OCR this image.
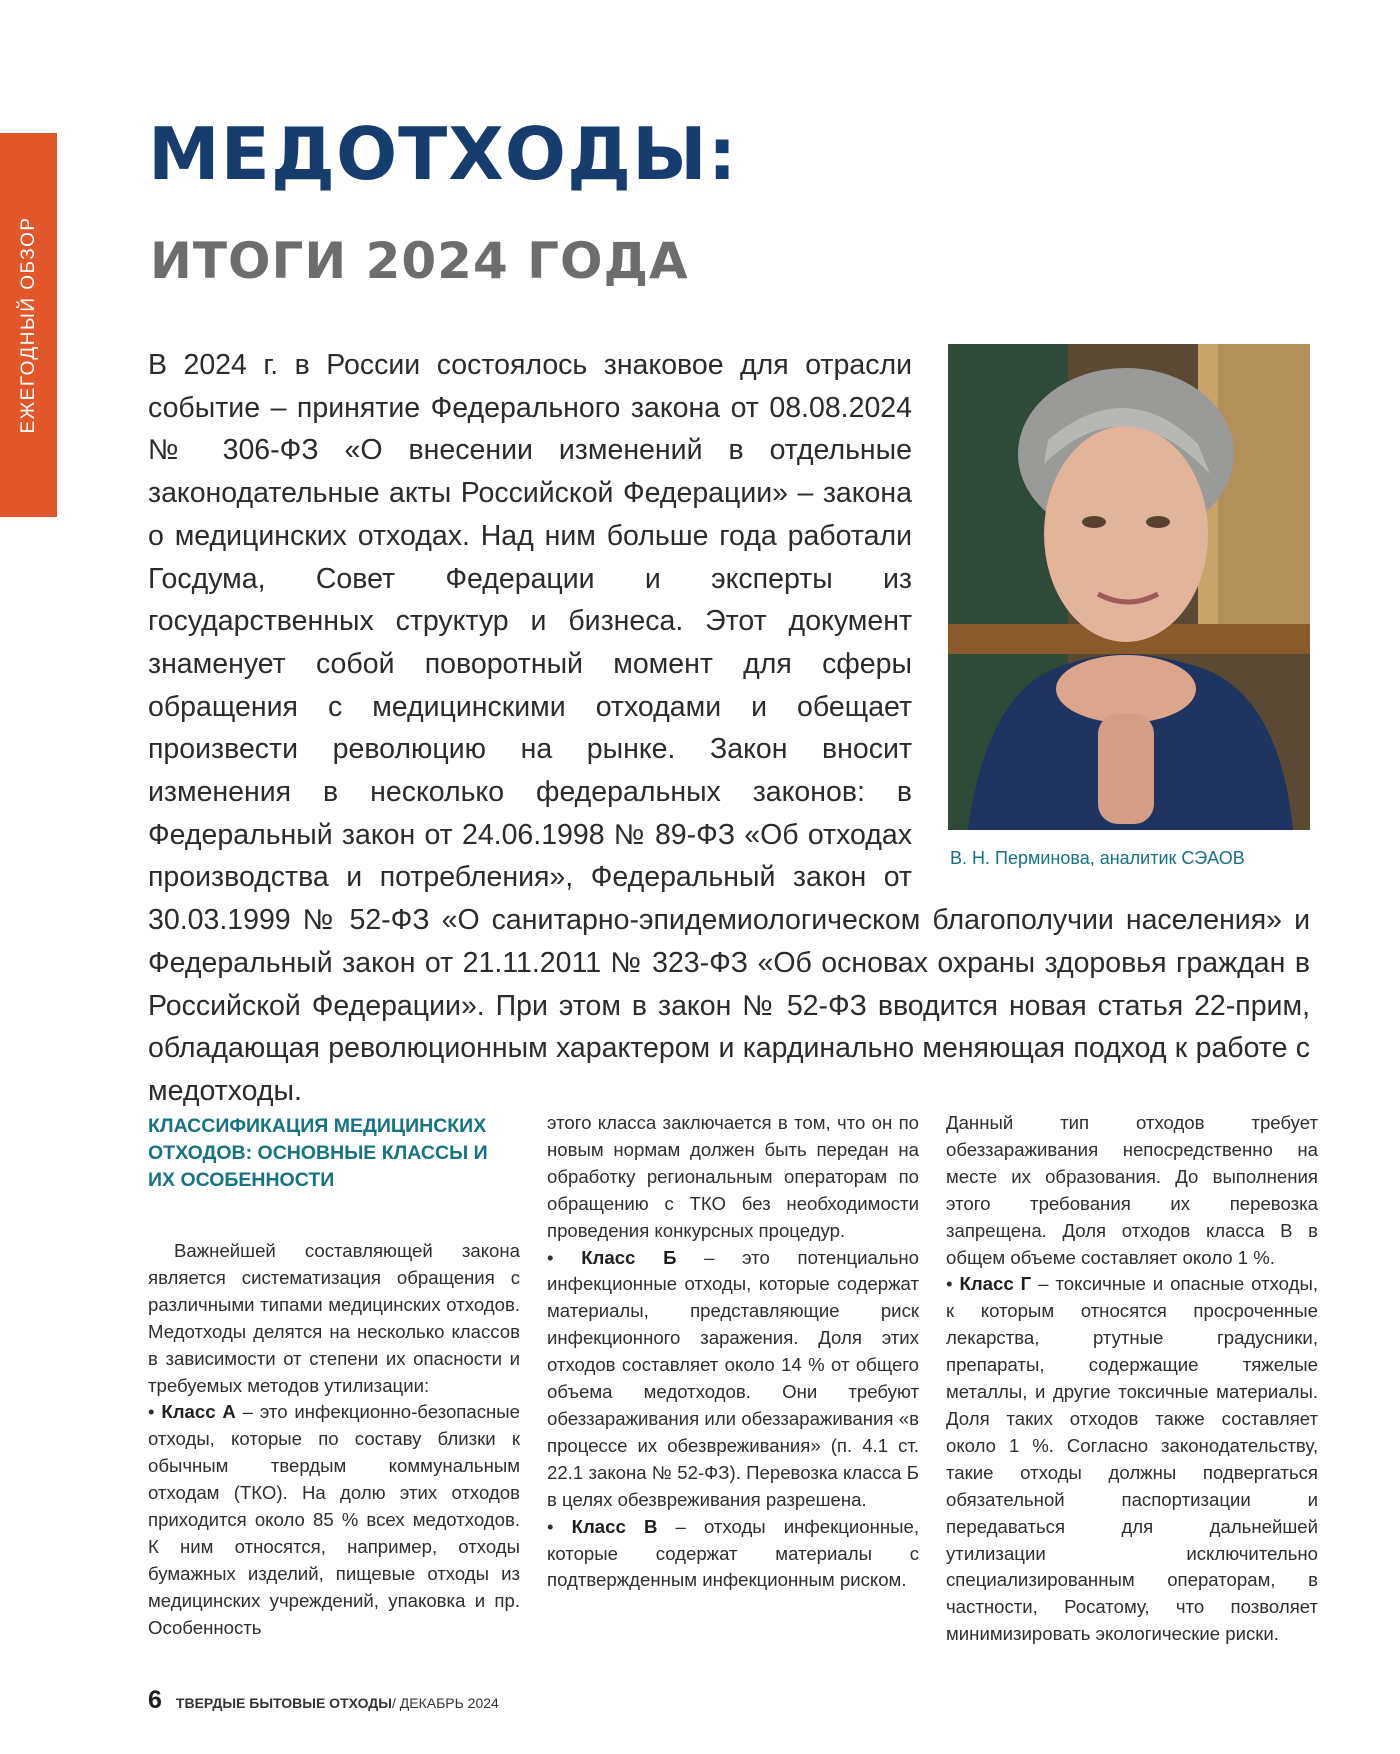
ЕЖЕГОДНЫЙ ОБЗОР
МЕДОТХОДЫ:
ИТОГИ 2024 ГОДА
В. Н. Перминова, аналитик СЭАОВ
В 2024 г. в России состоялось знаковое для отрасли событие – принятие Федерального закона от 08.08.2024 № 306-ФЗ «О внесении изменений в отдельные законодательные акты Российской Федерации» – закона о медицинских отходах. Над ним больше года работали Госдума, Совет Федерации и эксперты из государственных структур и бизнеса. Этот документ знаменует собой поворотный момент для сферы обращения с медицинскими отходами и обещает произвести революцию на рынке. Закон вносит изменения в несколько федеральных законов: в Федеральный закон от 24.06.1998 № 89-ФЗ «Об отходах производства и потребления», Федеральный закон от 30.03.1999 № 52-ФЗ «О санитарно-эпидемиологическом благополучии населения» и Федеральный закон от 21.11.2011 № 323-ФЗ «Об основах охраны здоровья граждан в Российской Федерации». При этом в закон № 52-ФЗ вводится новая статья 22-прим, обладающая революционным характером и кардинально меняющая подход к работе с медотходы.
КЛАССИФИКАЦИЯ МЕДИЦИНСКИХ ОТХОДОВ: ОСНОВНЫЕ КЛАССЫ И ИХ ОСОБЕННОСТИ

Важнейшей составляющей закона является систематизация обращения с различными типами медицинских отходов. Медотходы делятся на несколько классов в зависимости от степени их опасности и требуемых методов утилизации:

• Класс А – это инфекционно-безопасные отходы, которые по составу близки к обычным твердым коммунальным отходам (ТКО). На долю этих отходов приходится около 85 % всех медотходов. К ним относятся, например, отходы бумажных изделий, пищевые отходы из медицинских учреждений, упаковка и пр. Особенность

этого класса заключается в том, что он по новым нормам должен быть передан на обработку региональным операторам по обращению с ТКО без необходимости проведения конкурсных процедур.

• Класс Б – это потенциально инфекционные отходы, которые содержат материалы, представляющие риск инфекционного заражения. Доля этих отходов составляет около 14 % от общего объема медотходов. Они требуют обеззараживания или обеззараживания «в процессе их обезвреживания» (п. 4.1 ст. 22.1 закона № 52-ФЗ). Перевозка класса Б в целях обезвреживания разрешена.

• Класс В – отходы инфекционные, которые содержат материалы с подтвержденным инфекционным риском.

Данный тип отходов требует обеззараживания непосредственно на месте их образования. До выполнения этого требования их перевозка запрещена. Доля отходов класса В в общем объеме составляет около 1 %.

• Класс Г – токсичные и опасные отходы, к которым относятся просроченные лекарства, ртутные градусники, препараты, содержащие тяжелые металлы, и другие токсичные материалы. Доля таких отходов также составляет около 1 %. Согласно законодательству, такие отходы должны подвергаться обязательной паспортизации и передаваться для дальнейшей утилизации исключительно специализированным операторам, в частности, Росатому, что позволяет минимизировать экологические риски.

6 ТВЕРДЫЕ БЫТОВЫЕ ОТХОДЫ / ДЕКАБРЬ 2024
